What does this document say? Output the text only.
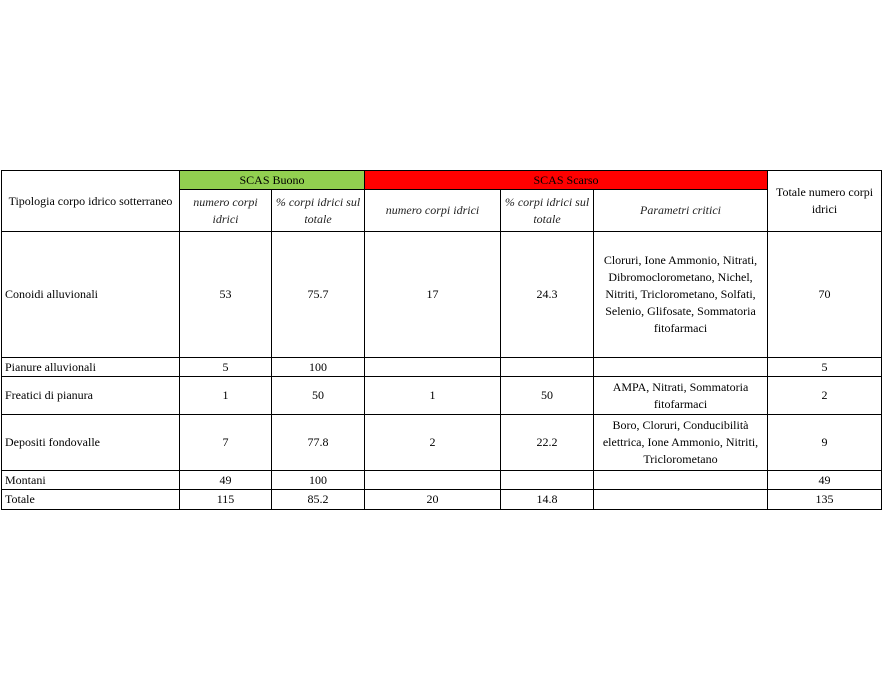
Tipologia corpo idrico sotterraneo	SCAS Buono		SCAS Scarso			Totale numero corpi idrici
	numero corpi idrici	% corpi idrici sul totale	numero corpi idrici	% corpi idrici sul totale	Parametri critici	
Conoidi alluvionali	53	75.7	17	24.3	Cloruri, Ione Ammonio, Nitrati, Dibromoclorometano, Nichel, Nitriti, Triclorometano, Solfati, Selenio, Glifosate, Sommatoria fitofarmaci	70
Pianure alluvionali	5	100				5
Freatici di pianura	1	50	1	50	AMPA, Nitrati, Sommatoria fitofarmaci	2
Depositi fondovalle	7	77.8	2	22.2	Boro, Cloruri, Conducibilità elettrica, Ione Ammonio, Nitriti, Triclorometano	9
Montani	49	100				49
Totale	115	85.2	20	14.8		135
